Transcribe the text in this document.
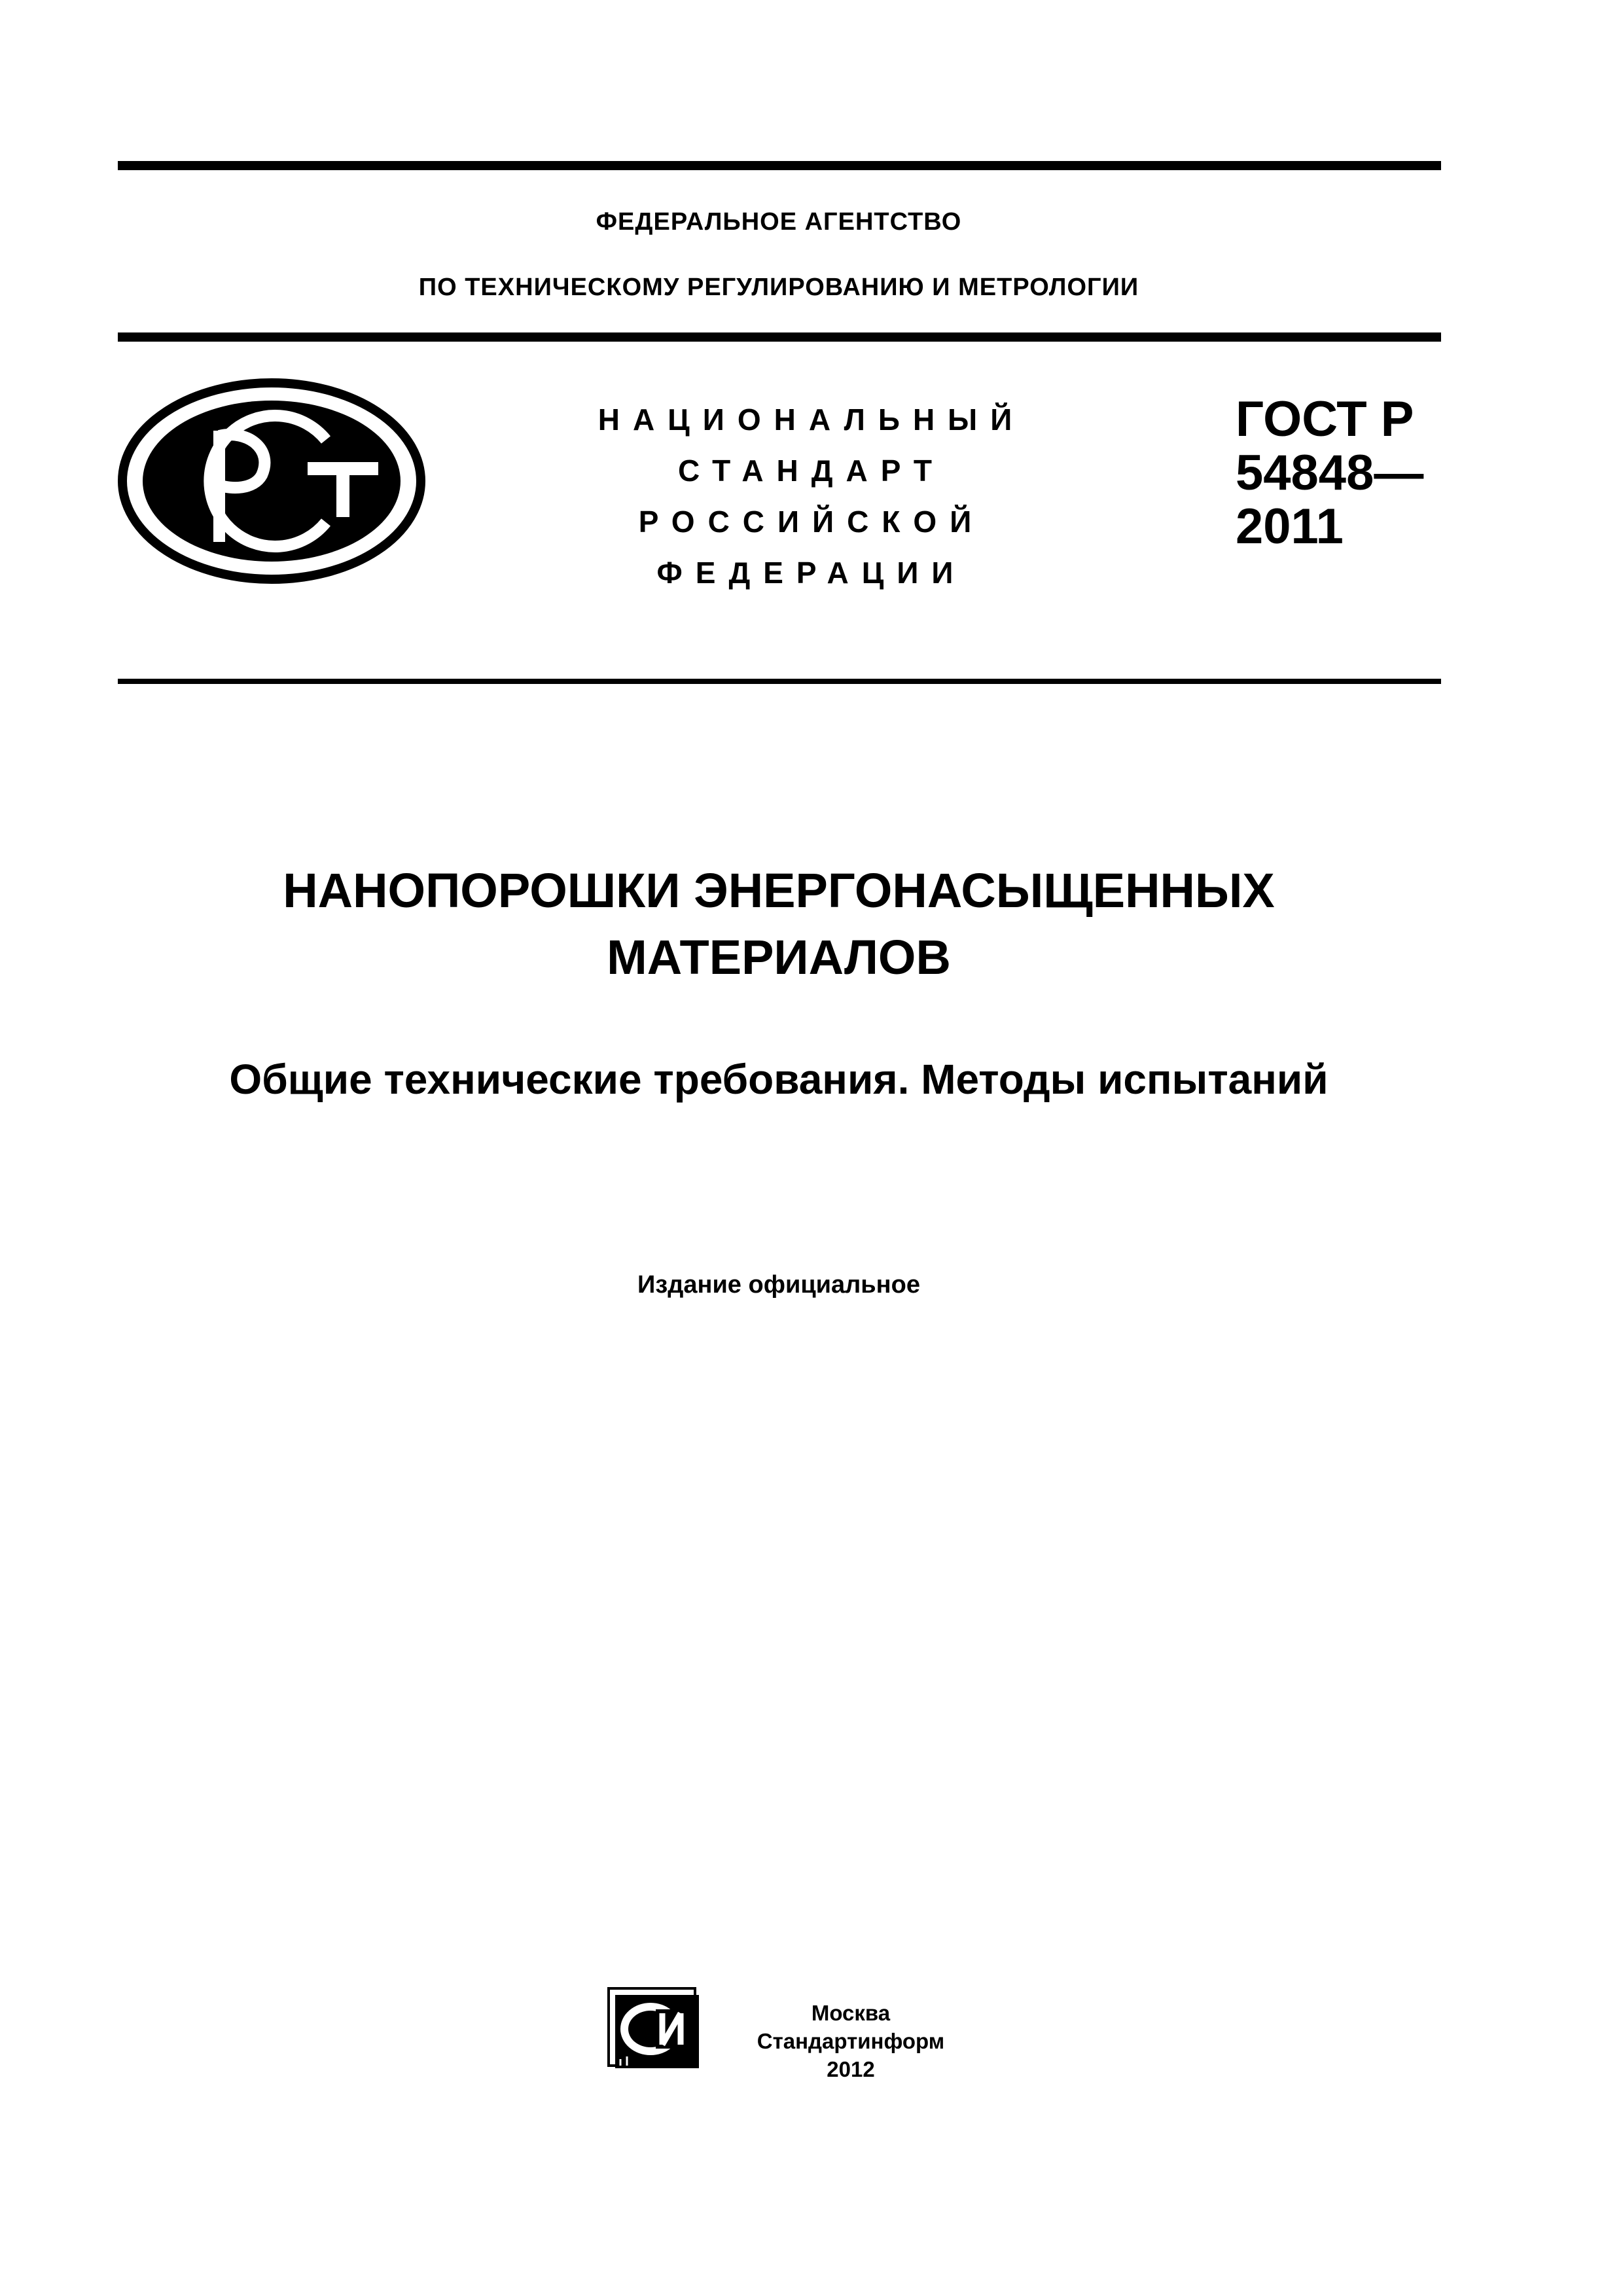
ФЕДЕРАЛЬНОЕ АГЕНТСТВО
ПО ТЕХНИЧЕСКОМУ РЕГУЛИРОВАНИЮ И МЕТРОЛОГИИ
НАЦИОНАЛЬНЫЙ
СТАНДАРТ
РОССИЙСКОЙ
ФЕДЕРАЦИИ
ГОСТ Р
54848—
2011
НАНОПОРОШКИ ЭНЕРГОНАСЫЩЕННЫХ
МАТЕРИАЛОВ
Общие технические требования. Методы испытаний
Издание официальное
Москва
Стандартинформ
2012
